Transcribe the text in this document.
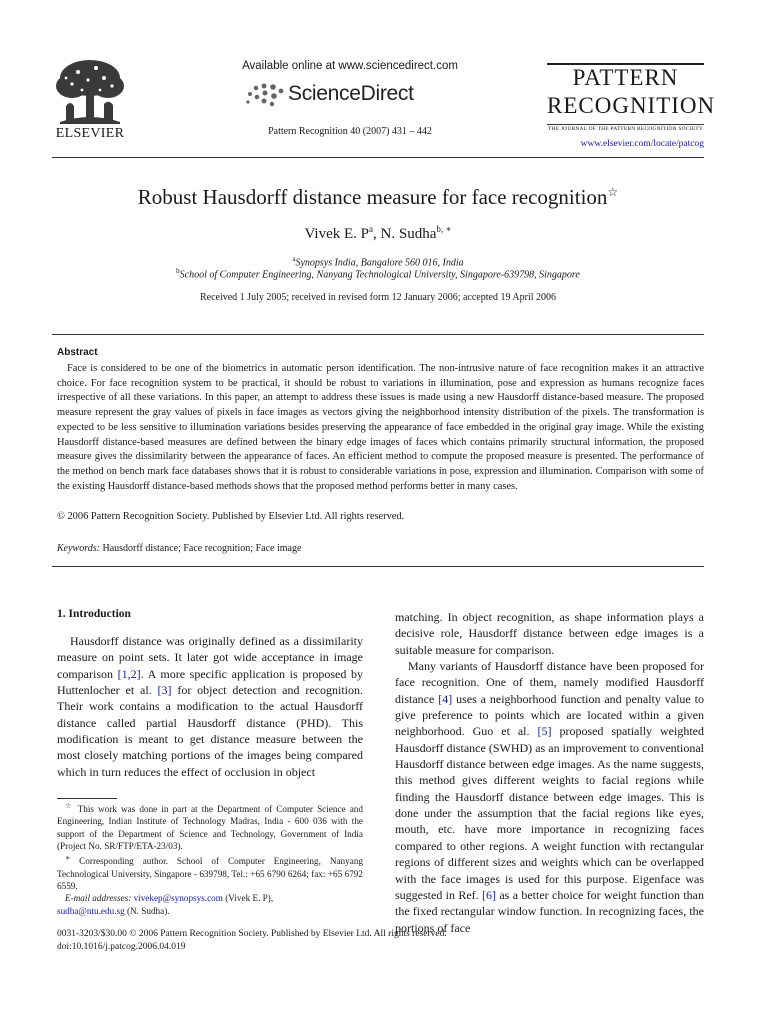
ELSEVIER
Available online at www.sciencedirect.com
ScienceDirect
Pattern Recognition 40 (2007) 431 – 442
PATTERN
RECOGNITION
THE JOURNAL OF THE PATTERN RECOGNITION SOCIETY
www.elsevier.com/locate/patcog
Robust Hausdorff distance measure for face recognition☆
Vivek E. $P^a$, N. Sudha$^{b, ∗}$
$^a$Synopsys India, Bangalore 560 016, India
$^b$School of Computer Engineering, Nanyang Technological University, Singapore-639798, Singapore
Received 1 July 2005; received in revised form 12 January 2006; accepted 19 April 2006
Abstract
Face is considered to be one of the biometrics in automatic person identification. The non-intrusive nature of face recognition makes it an attractive choice. For face recognition system to be practical, it should be robust to variations in illumination, pose and expression as humans recognize faces irrespective of all these variations. In this paper, an attempt to address these issues is made using a new Hausdorff distance-based measure. The proposed measure represent the gray values of pixels in face images as vectors giving the neighborhood intensity distribution of the pixels. The transformation is expected to be less sensitive to illumination variations besides preserving the appearance of face embedded in the original gray image. While the existing Hausdorff distance-based measures are defined between the binary edge images of faces which contains primarily structural information, the proposed measure gives the dissimilarity between the appearance of faces. An efficient method to compute the proposed measure is presented. The performance of the method on bench mark face databases shows that it is robust to considerable variations in pose, expression and illumination. Comparison with some of the existing Hausdorff distance-based methods shows that the proposed method performs better in many cases.
© 2006 Pattern Recognition Society. Published by Elsevier Ltd. All rights reserved.
Keywords: Hausdorff distance; Face recognition; Face image
1. Introduction

Hausdorff distance was originally defined as a dissimilarity measure on point sets. It later got wide acceptance in image comparison [1,2]. A more specific application is proposed by Huttenlocher et al. [3] for object detection and recognition. Their work contains a modification to the actual Hausdorff distance called partial Hausdorff distance (PHD). This modification is meant to get distance measure between the most closely matching portions of the images being compared which in turn reduces the effect of occlusion in object

matching. In object recognition, as shape information plays a decisive role, Hausdorff distance between edge images is a suitable measure for comparison.

Many variants of Hausdorff distance have been proposed for face recognition. One of them, namely modified Hausdorff distance [4] uses a neighborhood function and penalty value to give preference to points which are located within a given neighborhood. Guo et al. [5] proposed spatially weighted Hausdorff distance (SWHD) as an improvement to conventional Hausdorff distance between edge images. As the name suggests, this method gives different weights to facial regions while finding the Hausdorff distance between edge images. This is done under the assumption that the facial regions like eyes, mouth, etc. have more importance in recognizing faces compared to other regions. A weight function with rectangular regions of different sizes and weights which can be overlapped with the face images is used for this purpose. Eigenface was suggested in Ref. [6] as a better choice for weight function than the fixed rectangular window function. In recognizing faces, the portions of face

☆ This work was done in part at the Department of Computer Science and Engineering, Indian Institute of Technology Madras, India - 600 036 with the support of the Department of Science and Technology, Government of India (Project No. SR/FTP/ETA-23/03).

∗ Corresponding author. School of Computer Engineering, Nanyang Technological University, Singapore - 639798, Tel.: +65 6790 6264; fax: +65 6792 6559.

E-mail addresses: vivekep@synopsys.com (Vivek E. P),
sudha@ntu.edu.sg (N. Sudha).

0031-3203/$30.00 © 2006 Pattern Recognition Society. Published by Elsevier Ltd. All rights reserved.
doi:10.1016/j.patcog.2006.04.019
